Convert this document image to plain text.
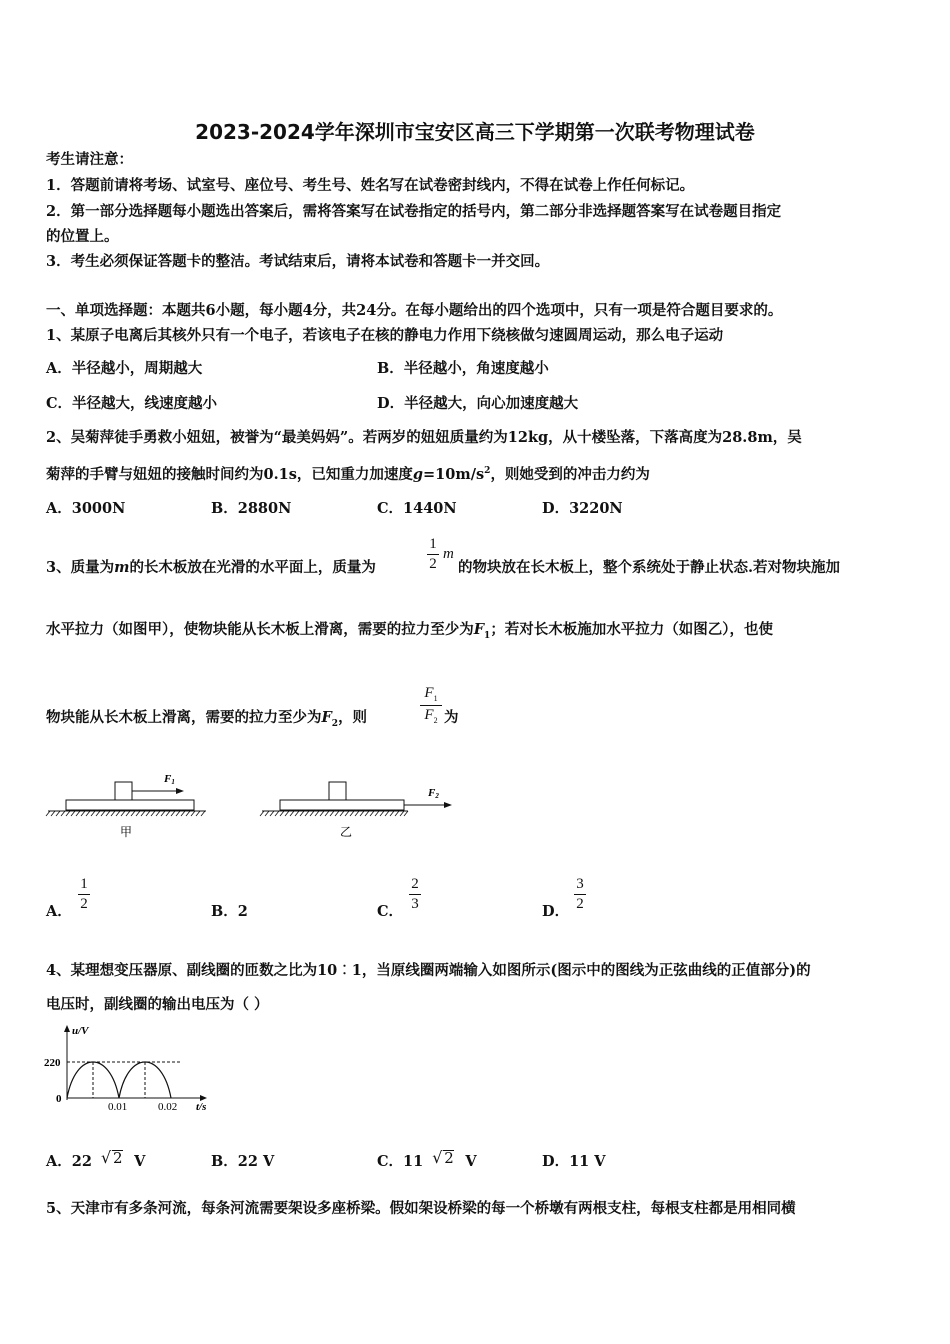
2023-2024学年深圳市宝安区高三下学期第一次联考物理试卷
考生请注意：
1．答题前请将考场、试室号、座位号、考生号、姓名写在试卷密封线内，不得在试卷上作任何标记。
2．第一部分选择题每小题选出答案后，需将答案写在试卷指定的括号内，第二部分非选择题答案写在试卷题目指定
的位置上。
3．考生必须保证答题卡的整洁。考试结束后，请将本试卷和答题卡一并交回。
一、单项选择题：本题共6小题，每小题4分，共24分。在每小题给出的四个选项中，只有一项是符合题目要求的。
1、某原子电离后其核外只有一个电子，若该电子在核的静电力作用下绕核做匀速圆周运动，那么电子运动
A．半径越小，周期越大	B．半径越小，角速度越小
C．半径越大，线速度越小	D．半径越大，向心加速度越大
2、吴菊萍徒手勇救小妞妞，被誉为“最美妈妈”。若两岁的妞妞质量约为12kg，从十楼坠落，下落高度为28.8m，吴
菊萍的手臂与妞妞的接触时间约为0.1s，已知重力加速度$g=10m/s^2$，则她受到的冲击力约为
A．3000N	B．2880N	C．1440N	D．3220N
3、质量为m的长木板放在光滑的水平面上，质量为
1
2
m
的物块放在长木板上，整个系统处于静止状态.若对物块施加
水平拉力（如图甲），使物块能从长木板上滑离，需要的拉力至少为$F_1$；若对长木板施加水平拉力（如图乙），也使
物块能从长木板上滑离，需要的拉力至少为$F_2$，则
$F_1$
$F_2$ 为
F1
甲
F2
乙
A．
1
2	B．2	C．
2
3	D．
3
2
4、某理想变压器原、副线圈的匝数之比为10︰1，当原线圈两端输入如图所示(图示中的图线为正弦曲线的正值部分)的
电压时，副线圈的输出电压为（ ）
u/V
220
0
0.01	0.02 t/s
A．22 √ 2 V	B．22 V	C．11 √ 2 V	D．11 V
5、天津市有多条河流，每条河流需要架设多座桥梁。假如架设桥梁的每一个桥墩有两根支柱，每根支柱都是用相同横
